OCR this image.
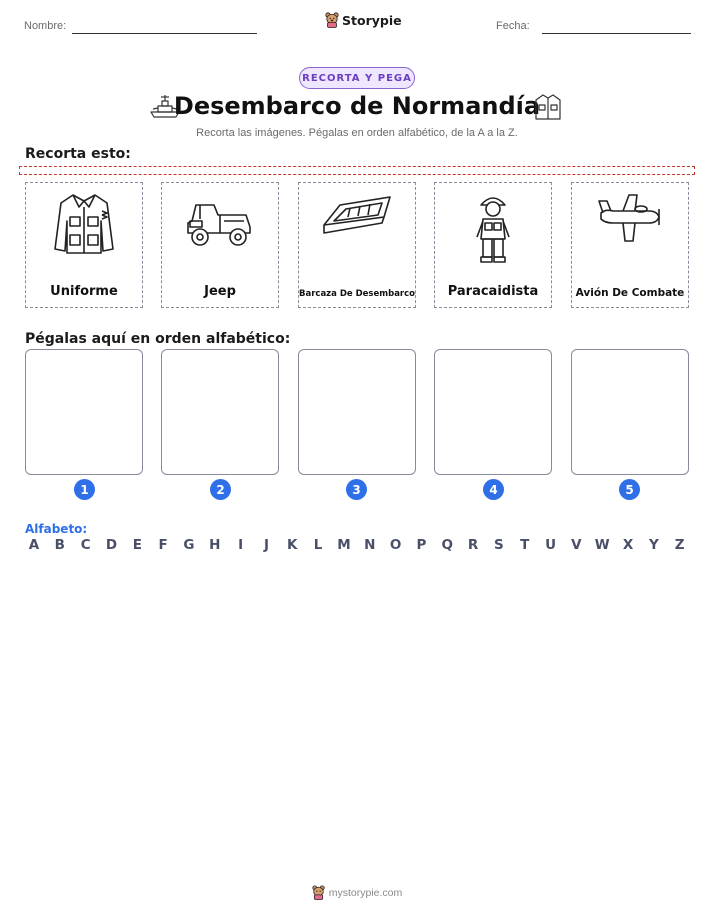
Nombre:	Storypie	Fecha:
RECORTA Y PEGA
Desembarco de Normandía
Recorta las imágenes. Pégalas en orden alfabético, de la A a la Z.
Recorta esto:
Uniforme	Jeep	Barcaza De Desembarco	Paracaidista	Avión De Combate
Pégalas aquí en orden alfabético:
1	2	3	4	5
Alfabeto:
A B C D	E	F	G H	I	J	K	L	M N O P Q R	S	T	U V W X	Y	Z
mystorypie.com
